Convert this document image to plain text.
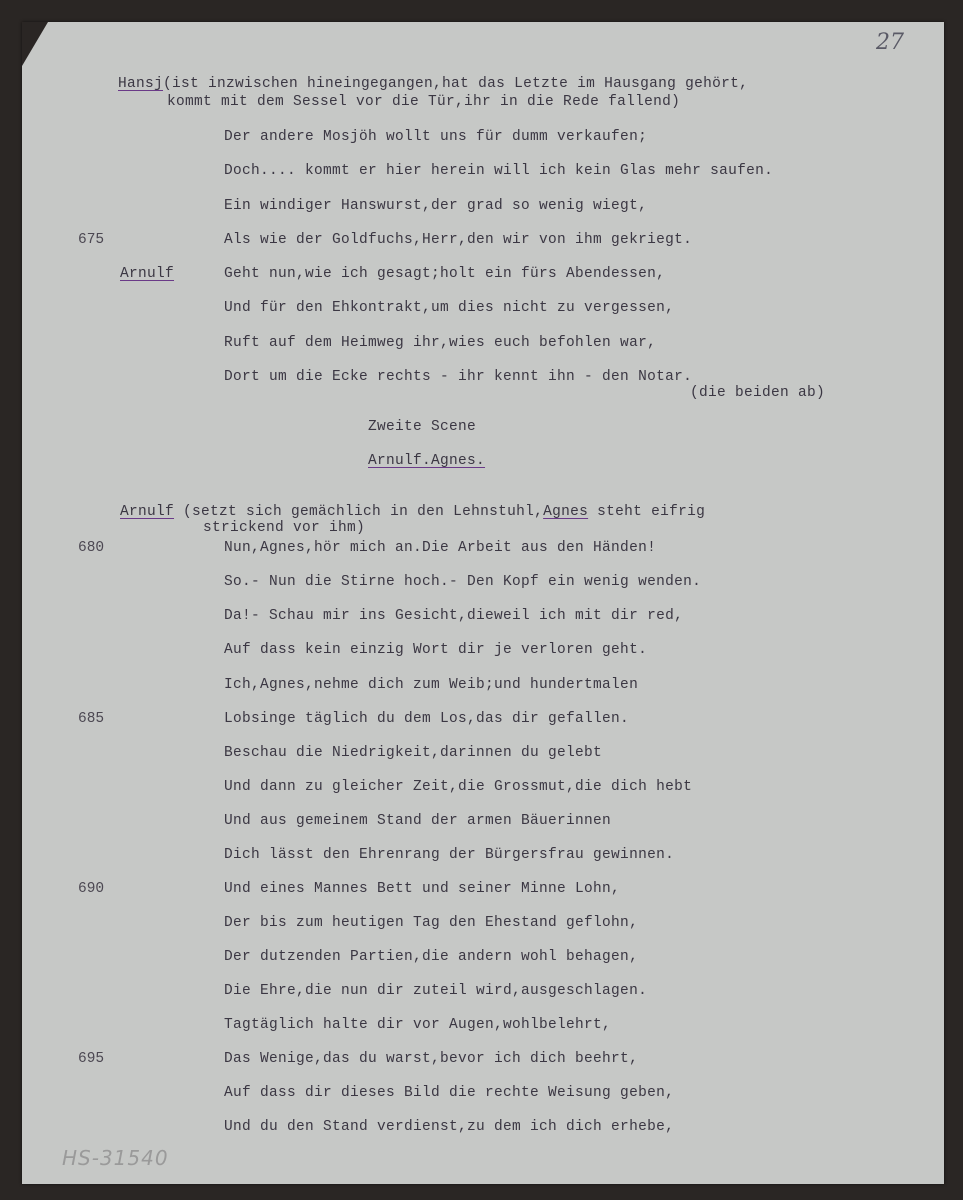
27
Hansj(ist inzwischen hineingegangen,hat das Letzte im Hausgang gehört,
kommt mit dem Sessel vor die Tür,ihr in die Rede fallend)
Der andere Mosjöh wollt uns für dumm verkaufen;
Doch.... kommt er hier herein will ich kein Glas mehr saufen.
Ein windiger Hanswurst,der grad so wenig wiegt,
675	Als wie der Goldfuchs,Herr,den wir von ihm gekriegt.
Arnulf	Geht nun,wie ich gesagt;holt ein fürs Abendessen,
Und für den Ehkontrakt,um dies nicht zu vergessen,
Ruft auf dem Heimweg ihr,wies euch befohlen war,
Dort um die Ecke rechts - ihr kennt ihn - den Notar.
(die beiden ab)
Zweite Scene
Arnulf.Agnes.
Arnulf (setzt sich gemächlich in den Lehnstuhl,Agnes steht eifrig
strickend vor ihm)
680	Nun,Agnes,hör mich an.Die Arbeit aus den Händen!
So.- Nun die Stirne hoch.- Den Kopf ein wenig wenden.
Da!- Schau mir ins Gesicht,dieweil ich mit dir red,
Auf dass kein einzig Wort dir je verloren geht.
Ich,Agnes,nehme dich zum Weib;und hundertmalen
685	Lobsinge täglich du dem Los,das dir gefallen.
Beschau die Niedrigkeit,darinnen du gelebt
Und dann zu gleicher Zeit,die Grossmut,die dich hebt
Und aus gemeinem Stand der armen Bäuerinnen
Dich lässt den Ehrenrang der Bürgersfrau gewinnen.
690	Und eines Mannes Bett und seiner Minne Lohn,
Der bis zum heutigen Tag den Ehestand geflohn,
Der dutzenden Partien,die andern wohl behagen,
Die Ehre,die nun dir zuteil wird,ausgeschlagen.
Tagtäglich halte dir vor Augen,wohlbelehrt,
695	Das Wenige,das du warst,bevor ich dich beehrt,
Auf dass dir dieses Bild die rechte Weisung geben,
Und du den Stand verdienst,zu dem ich dich erhebe,
HS-31540
